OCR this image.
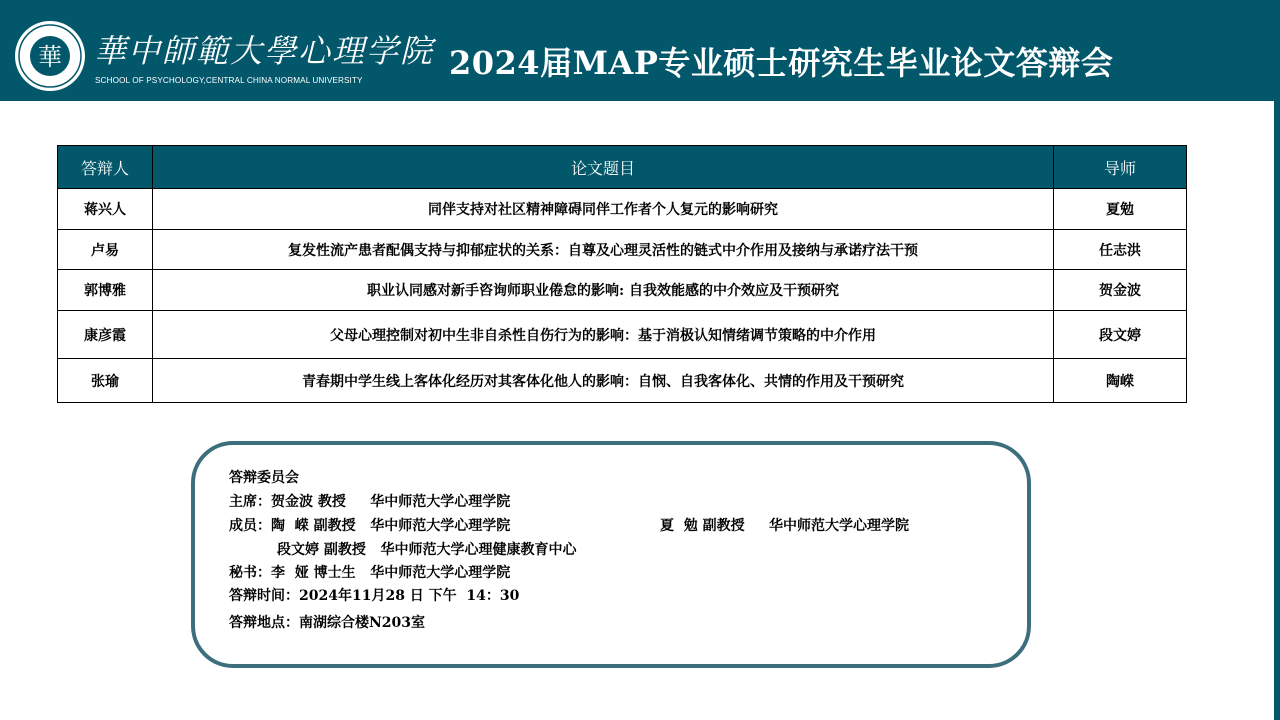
華 華中師範大學心理学院
SCHOOL OF PSYCHOLOGY,CENTRAL CHINA NORMAL UNIVERSITY	2024届MAP专业硕士研究生毕业论文答辩会
答辩人	论文题目	导师
蒋兴人	同伴支持对社区精神障碍同伴工作者个人复元的影响研究	夏勉
卢易	复发性流产患者配偶支持与抑郁症状的关系：自尊及心理灵活性的链式中介作用及接纳与承诺疗法干预	任志洪
郭博雅	职业认同感对新手咨询师职业倦怠的影响: 自我效能感的中介效应及干预研究	贺金波
康彦霞	父母心理控制对初中生非自杀性自伤行为的影响：基于消极认知情绪调节策略的中介作用	段文婷
张瑜	青春期中学生线上客体化经历对其客体化他人的影响：自悯、自我客体化、共情的作用及干预研究	陶嵘
答辩委员会
主席：贺金波 教授     华中师范大学心理学院
成员：陶  嵘 副教授   华中师范大学心理学院	夏  勉 副教授     华中师范大学心理学院
段文婷 副教授   华中师范大学心理健康教育中心
秘书：李  娅 博士生   华中师范大学心理学院
答辩时间：2024年11月28 日 下午  14：30
答辩地点：南湖综合楼N203室
